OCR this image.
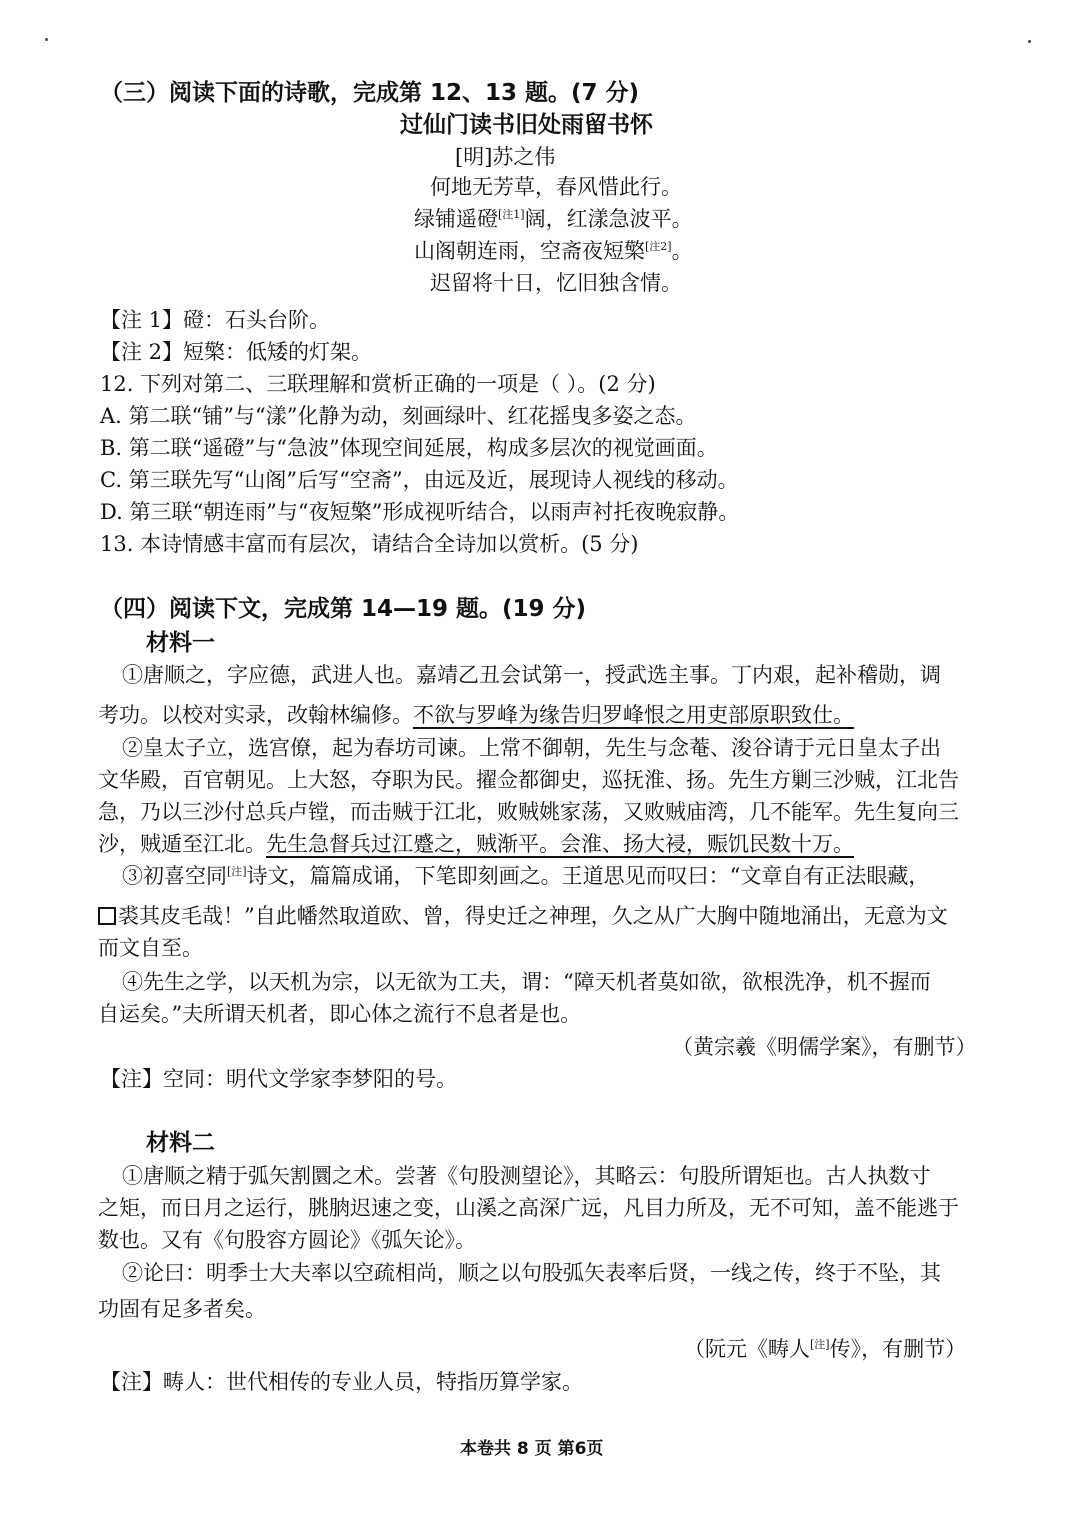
（三）阅读下面的诗歌，完成第 12、13 题。(7 分)
过仙门读书旧处雨留书怀
[明]苏之伟
何地无芳草，春风惜此行。
绿铺遥磴[注1]阔，红漾急波平。
山阁朝连雨，空斋夜短檠[注2]。
迟留将十日，忆旧独含情。
【注 1】磴：石头台阶。
【注 2】短檠：低矮的灯架。
12. 下列对第二、三联理解和赏析正确的一项是（ ）。(2 分)
A. 第二联“铺”与“漾”化静为动，刻画绿叶、红花摇曳多姿之态。
B. 第二联“遥磴”与“急波”体现空间延展，构成多层次的视觉画面。
C. 第三联先写“山阁”后写“空斋”，由远及近，展现诗人视线的移动。
D. 第三联“朝连雨”与“夜短檠”形成视听结合，以雨声衬托夜晚寂静。
13. 本诗情感丰富而有层次，请结合全诗加以赏析。(5 分)
（四）阅读下文，完成第 14—19 题。(19 分)
材料一
①唐顺之，字应德，武进人也。嘉靖乙丑会试第一，授武选主事。丁内艰，起补稽勋，调
考功。以校对实录，改翰林编修。不欲与罗峰为缘告归罗峰恨之用吏部原职致仕。
②皇太子立，选宫僚，起为春坊司谏。上常不御朝，先生与念菴、浚谷请于元日皇太子出
文华殿，百官朝见。上大怒，夺职为民。擢佥都御史，巡抚淮、扬。先生方剿三沙贼，江北告
急，乃以三沙付总兵卢镗，而击贼于江北，败贼姚家荡，又败贼庙湾，几不能军。先生复向三
沙，贼遁至江北。先生急督兵过江蹙之，贼渐平。会淮、扬大祲，赈饥民数十万。
③初喜空同[注]诗文，篇篇成诵，下笔即刻画之。王道思见而叹曰：“文章自有正法眼藏，
裘其皮毛哉！”自此幡然取道欧、曾，得史迁之神理，久之从广大胸中随地涌出，无意为文
而文自至。
④先生之学，以天机为宗，以无欲为工夫，谓：“障天机者莫如欲，欲根洗净，机不握而
自运矣。”夫所谓天机者，即心体之流行不息者是也。
（黄宗羲《明儒学案》，有删节）
【注】空同：明代文学家李梦阳的号。
材料二
①唐顺之精于弧矢割圜之术。尝著《句股测望论》，其略云：句股所谓矩也。古人执数寸
之矩，而日月之运行，朓朒迟速之变，山溪之高深广远，凡目力所及，无不可知，盖不能逃于
数也。又有《句股容方圆论》《弧矢论》。
②论曰：明季士大夫率以空疏相尚，顺之以句股弧矢表率后贤，一线之传，终于不坠，其
功固有足多者矣。
（阮元《畴人[注]传》，有删节）
【注】畴人：世代相传的专业人员，特指历算学家。
本卷共 8 页 第6页
